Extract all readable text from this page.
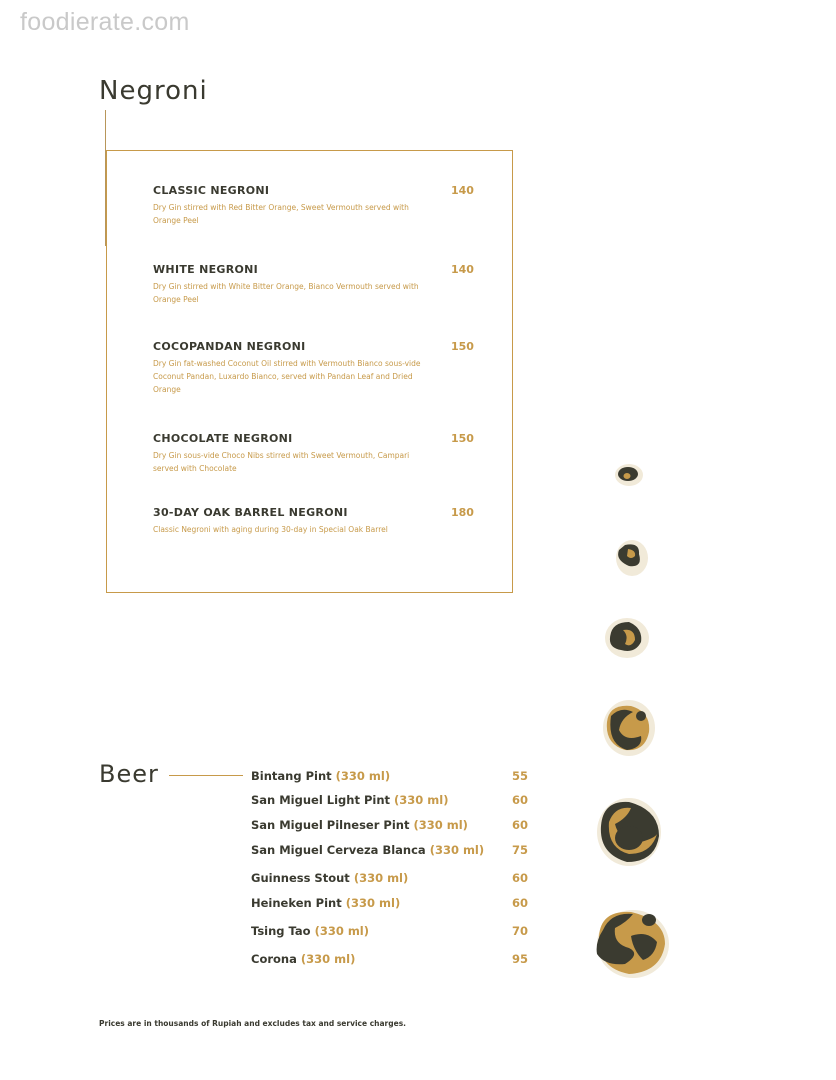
foodierate.com
Negroni
CLASSIC NEGRONI
Dry Gin stirred with Red Bitter Orange, Sweet Vermouth served with Orange Peel
140
WHITE NEGRONI
Dry Gin stirred with White Bitter Orange, Bianco Vermouth served with Orange Peel
140
COCOPANDAN NEGRONI
Dry Gin fat-washed Coconut Oil stirred with Vermouth Bianco sous-vide Coconut Pandan, Luxardo Bianco, served with Pandan Leaf and Dried Orange
150
CHOCOLATE NEGRONI
Dry Gin sous-vide Choco Nibs stirred with Sweet Vermouth, Campari served with Chocolate
150
30-DAY OAK BARREL NEGRONI
Classic Negroni with aging during 30-day in Special Oak Barrel
180
Beer	Bintang Pint (330 ml)	55
San Miguel Light Pint (330 ml)	60
San Miguel Pilneser Pint (330 ml)	60
San Miguel Cerveza Blanca (330 ml) 75
Guinness Stout (330 ml)	60
Heineken Pint (330 ml)	60
Tsing Tao (330 ml)	70
Corona (330 ml)	95
Prices are in thousands of Rupiah and excludes tax and service charges.
